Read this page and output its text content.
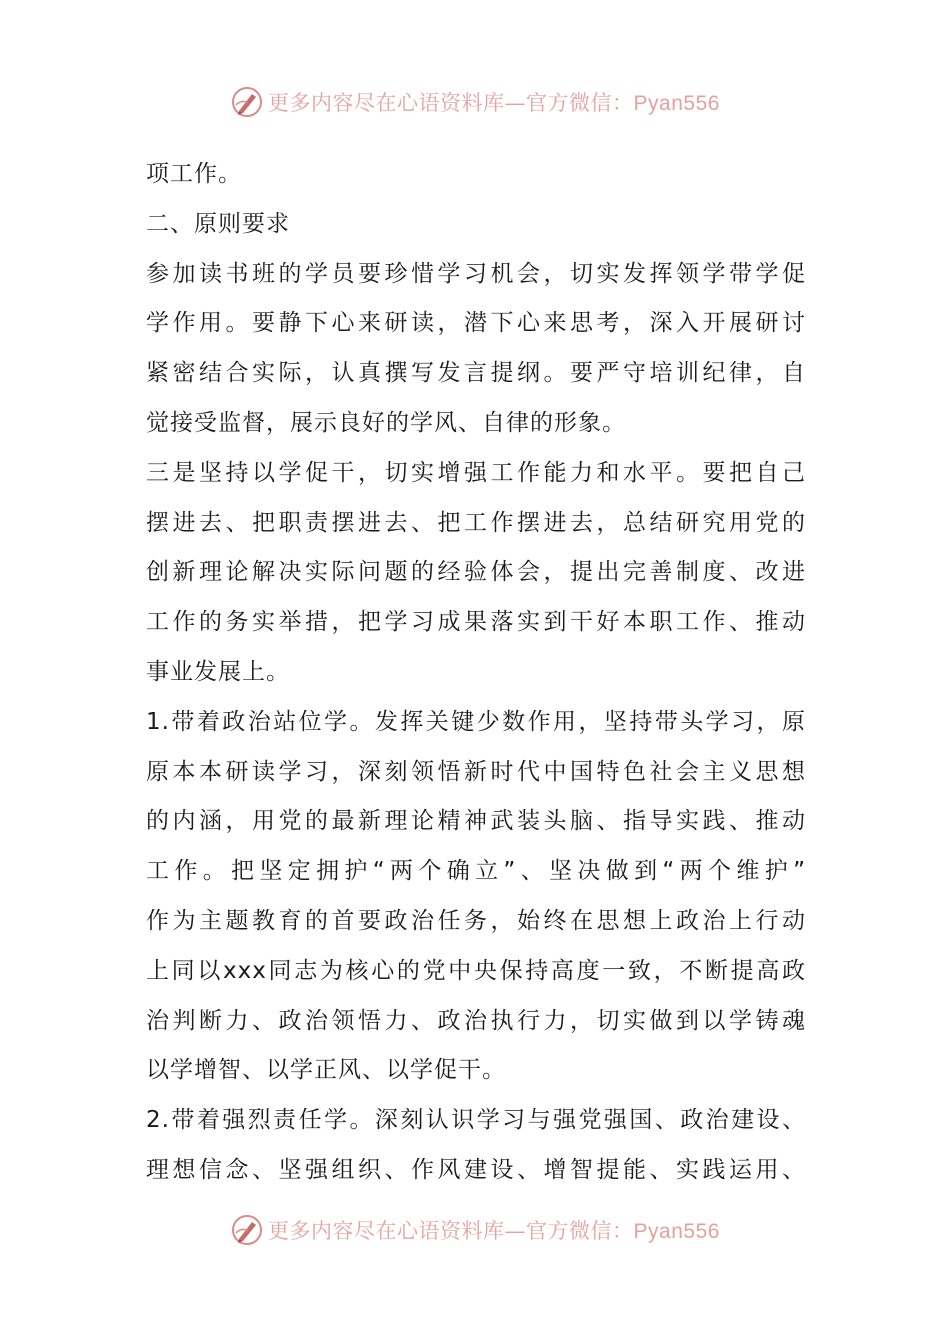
更多内容尽在心语资料库—官方微信：Pyan556
项工作。
二、原则要求
参加读书班的学员要珍惜学习机会，切实发挥领学带学促
学作用。要静下心来研读，潜下心来思考，深入开展研讨
紧密结合实际，认真撰写发言提纲。要严守培训纪律，自
觉接受监督，展示良好的学风、自律的形象。
三是坚持以学促干，切实增强工作能力和水平。要把自己
摆进去、把职责摆进去、把工作摆进去，总结研究用党的
创新理论解决实际问题的经验体会，提出完善制度、改进
工作的务实举措，把学习成果落实到干好本职工作、推动
事业发展上。
1.带着政治站位学。发挥关键少数作用，坚持带头学习，原
原本本研读学习，深刻领悟新时代中国特色社会主义思想
的内涵，用党的最新理论精神武装头脑、指导实践、推动
工作。把坚定拥护“两个确立”、坚决做到“两个维护”
作为主题教育的首要政治任务，始终在思想上政治上行动
上同以xxx同志为核心的党中央保持高度一致，不断提高政
治判断力、政治领悟力、政治执行力，切实做到以学铸魂
以学增智、以学正风、以学促干。
2.带着强烈责任学。深刻认识学习与强党强国、政治建设、
理想信念、坚强组织、作风建设、增智提能、实践运用、
更多内容尽在心语资料库—官方微信：Pyan556
